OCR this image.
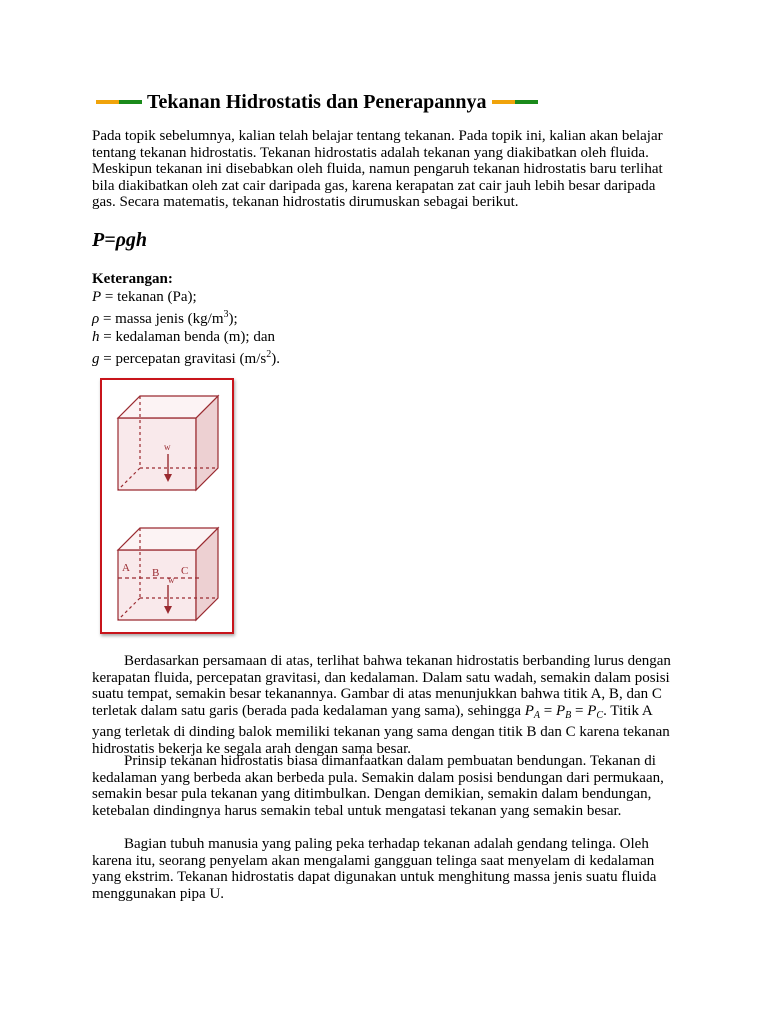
Tekanan Hidrostatis dan Penerapannya

Pada topik sebelumnya, kalian telah belajar tentang tekanan. Pada topik ini, kalian akan belajar tentang tekanan hidrostatis. Tekanan hidrostatis adalah tekanan yang diakibatkan oleh fluida. Meskipun tekanan ini disebabkan oleh fluida, namun pengaruh tekanan hidrostatis baru terlihat bila diakibatkan oleh zat cair daripada gas, karena kerapatan zat cair jauh lebih besar daripada gas. Secara matematis, tekanan hidrostatis dirumuskan sebagai berikut.

P=ρgh
Keterangan:
P = tekanan (Pa);
ρ = massa jenis $(kg/m^3)$;
h = kedalaman benda (m); dan
g = percepatan gravitasi $(m/s^2)$.
w
A B C
w

Berdasarkan persamaan di atas, terlihat bahwa tekanan hidrostatis berbanding lurus dengan kerapatan fluida, percepatan gravitasi, dan kedalaman. Dalam satu wadah, semakin dalam posisi suatu tempat, semakin besar tekanannya. Gambar di atas menunjukkan bahwa titik A, B, dan C terletak dalam satu garis (berada pada kedalaman yang sama), sehingga $P_A = P_B = P_C$. Titik A yang terletak di dinding balok memiliki tekanan yang sama dengan titik B dan C karena tekanan hidrostatis bekerja ke segala arah dengan sama besar.

Prinsip tekanan hidrostatis biasa dimanfaatkan dalam pembuatan bendungan. Tekanan di kedalaman yang berbeda akan berbeda pula. Semakin dalam posisi bendungan dari permukaan, semakin besar pula tekanan yang ditimbulkan. Dengan demikian, semakin dalam bendungan, ketebalan dindingnya harus semakin tebal untuk mengatasi tekanan yang semakin besar.

Bagian tubuh manusia yang paling peka terhadap tekanan adalah gendang telinga. Oleh karena itu, seorang penyelam akan mengalami gangguan telinga saat menyelam di kedalaman yang ekstrim. Tekanan hidrostatis dapat digunakan untuk menghitung massa jenis suatu fluida menggunakan pipa U.
